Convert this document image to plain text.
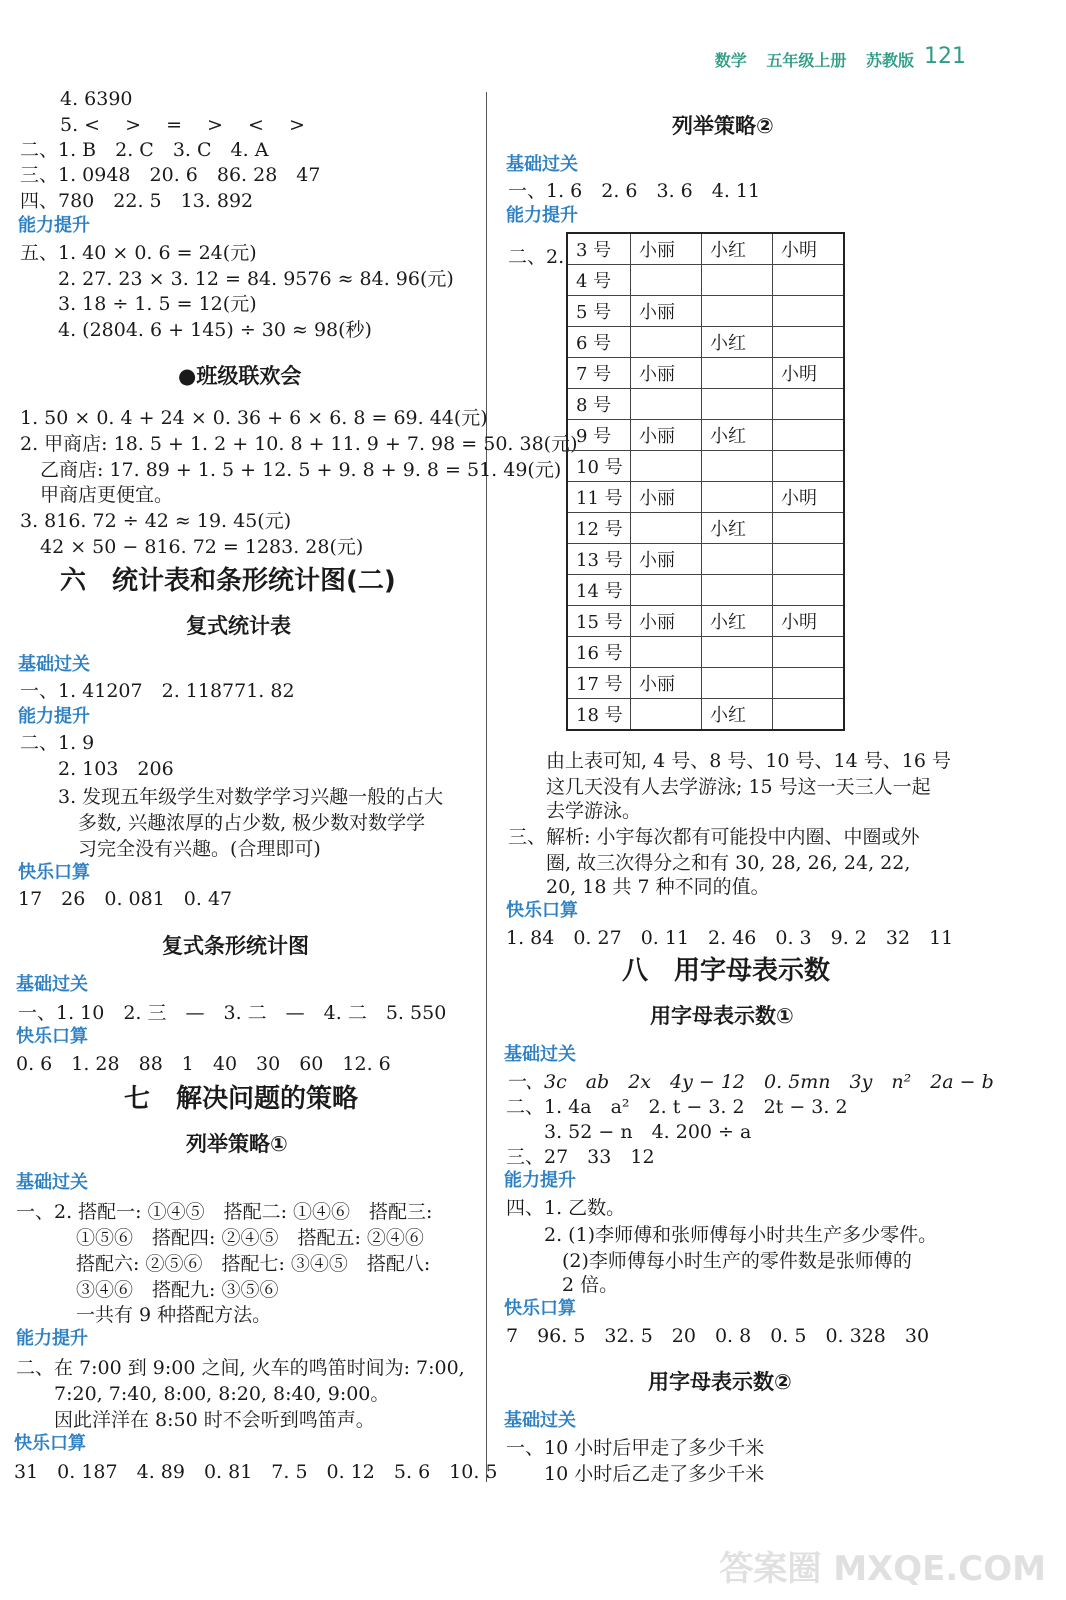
数学 五年级上册 苏教版 121
4. 6390
5. <　 >　 =　 >　 <　 >
二、1. B　2. C　3. C　4. A
三、1. 0948　20. 6　86. 28　47
四、780　22. 5　13. 892
能力提升
五、1. 40 × 0. 6 = 24(元)
2. 27. 23 × 3. 12 = 84. 9576 ≈ 84. 96(元)
3. 18 ÷ 1. 5 = 12(元)
4. (2804. 6 + 145) ÷ 30 ≈ 98(秒)
●班级联欢会
1. 50 × 0. 4 + 24 × 0. 36 + 6 × 6. 8 = 69. 44(元)
2. 甲商店: 18. 5 + 1. 2 + 10. 8 + 11. 9 + 7. 98 = 50. 38(元)
乙商店: 17. 89 + 1. 5 + 12. 5 + 9. 8 + 9. 8 = 51. 49(元)
甲商店更便宜。
3. 816. 72 ÷ 42 ≈ 19. 45(元)
42 × 50 − 816. 72 = 1283. 28(元)
六　统计表和条形统计图(二)
复式统计表
基础过关
一、1. 41207　2. 118771. 82
能力提升
二、1. 9
2. 103　206
3. 发现五年级学生对数学学习兴趣一般的占大
多数, 兴趣浓厚的占少数, 极少数对数学学
习完全没有兴趣。(合理即可)
快乐口算
17　26　0. 081　0. 47
复式条形统计图
基础过关
一、1. 10　2. 三　—　3. 二　—　4. 二　5. 550
快乐口算
0. 6　1. 28　88　1　40　30　60　12. 6
七　解决问题的策略
列举策略①
基础过关
一、2. 搭配一: ①④⑤　搭配二: ①④⑥　搭配三:
①⑤⑥　搭配四: ②④⑤　搭配五: ②④⑥
搭配六: ②⑤⑥　搭配七: ③④⑤　搭配八:
③④⑥　搭配九: ③⑤⑥
一共有 9 种搭配方法。
能力提升
二、在 7:00 到 9:00 之间, 火车的鸣笛时间为: 7:00,
7:20, 7:40, 8:00, 8:20, 8:40, 9:00。
因此洋洋在 8:50 时不会听到鸣笛声。
快乐口算
31　0. 187　4. 89　0. 81　7. 5　0. 12　5. 6　10. 5
列举策略②
基础过关
一、1. 6　2. 6　3. 6　4. 11
能力提升
二、2. 3 号	小丽	小红	小明
4 号			
5 号	小丽		
6 号		小红	
7 号	小丽		小明
8 号			
9 号	小丽	小红	
10 号			
11 号	小丽		小明
12 号		小红	
13 号	小丽		
14 号			
15 号	小丽	小红	小明
16 号			
17 号	小丽		
18 号		小红	
由上表可知, 4 号、8 号、10 号、14 号、16 号
这几天没有人去学游泳; 15 号这一天三人一起
去学游泳。
三、解析: 小宇每次都有可能投中内圈、中圈或外
圈, 故三次得分之和有 30, 28, 26, 24, 22,
20, 18 共 7 种不同的值。
快乐口算
1. 84　0. 27　0. 11　2. 46　0. 3　9. 2　32　11
八　用字母表示数
用字母表示数①
基础过关
一、3c　ab　2x　4y − 12　0. 5mn　3y　n²　2a − b
二、1. 4a　a²　2. t − 3. 2　2t − 3. 2
3. 52 − n　4. 200 ÷ a
三、27　33　12
能力提升
四、1. 乙数。
2. (1)李师傅和张师傅每小时共生产多少零件。
(2)李师傅每小时生产的零件数是张师傅的
2 倍。
快乐口算
7　96. 5　32. 5　20　0. 8　0. 5　0. 328　30
用字母表示数②
基础过关
一、10 小时后甲走了多少千米
10 小时后乙走了多少千米
答案圈 MXQE.COM
